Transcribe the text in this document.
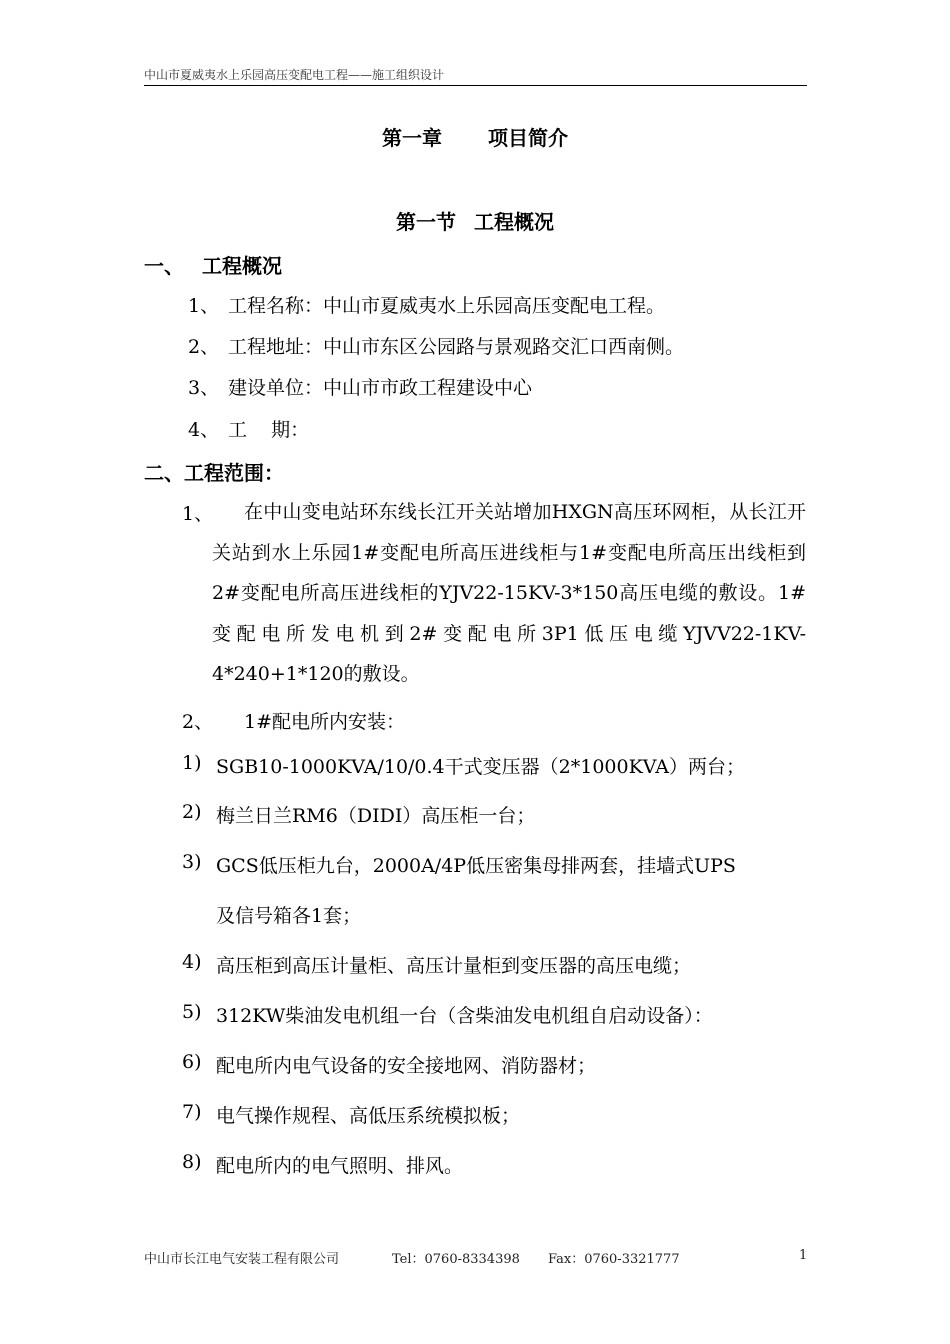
中山市夏威夷水上乐园高压变配电工程——施工组织设计
第一章 项目简介
第一节 工程概况
一、 工程概况
1、 工程名称：中山市夏威夷水上乐园高压变配电工程。
2、 工程地址：中山市东区公园路与景观路交汇口西南侧。
3、 建设单位：中山市市政工程建设中心
4、 工    期：
二、工程范围：
1、	在中山变电站环东线长江开关站增加HXGN高压环网柜，从长江开关站到水上乐园1#变配电所高压进线柜与1#变配电所高压出线柜到2#变配电所高压进线柜的YJV22-15KV-3*150高压电缆的敷设。1#变配电所发电机到2#变配电所3P1低压电缆YJVV22-1KV-4*240+1*120的敷设。
2、 1#配电所内安装：
1) SGB10-1000KVA/10/0.4干式变压器（2*1000KVA）两台；
2) 梅兰日兰RM6（DIDI）高压柜一台；
3) GCS低压柜九台，2000A/4P低压密集母排两套，挂墙式UPS
及信号箱各1套；
4) 高压柜到高压计量柜、高压计量柜到变压器的高压电缆；
5) 312KW柴油发电机组一台（含柴油发电机组自启动设备）：
6) 配电所内电气设备的安全接地网、消防器材；
7) 电气操作规程、高低压系统模拟板；
8) 配电所内的电气照明、排风。
中山市长江电气安装工程有限公司	Tel：0760-8334398 Fax：0760-3321777	1
